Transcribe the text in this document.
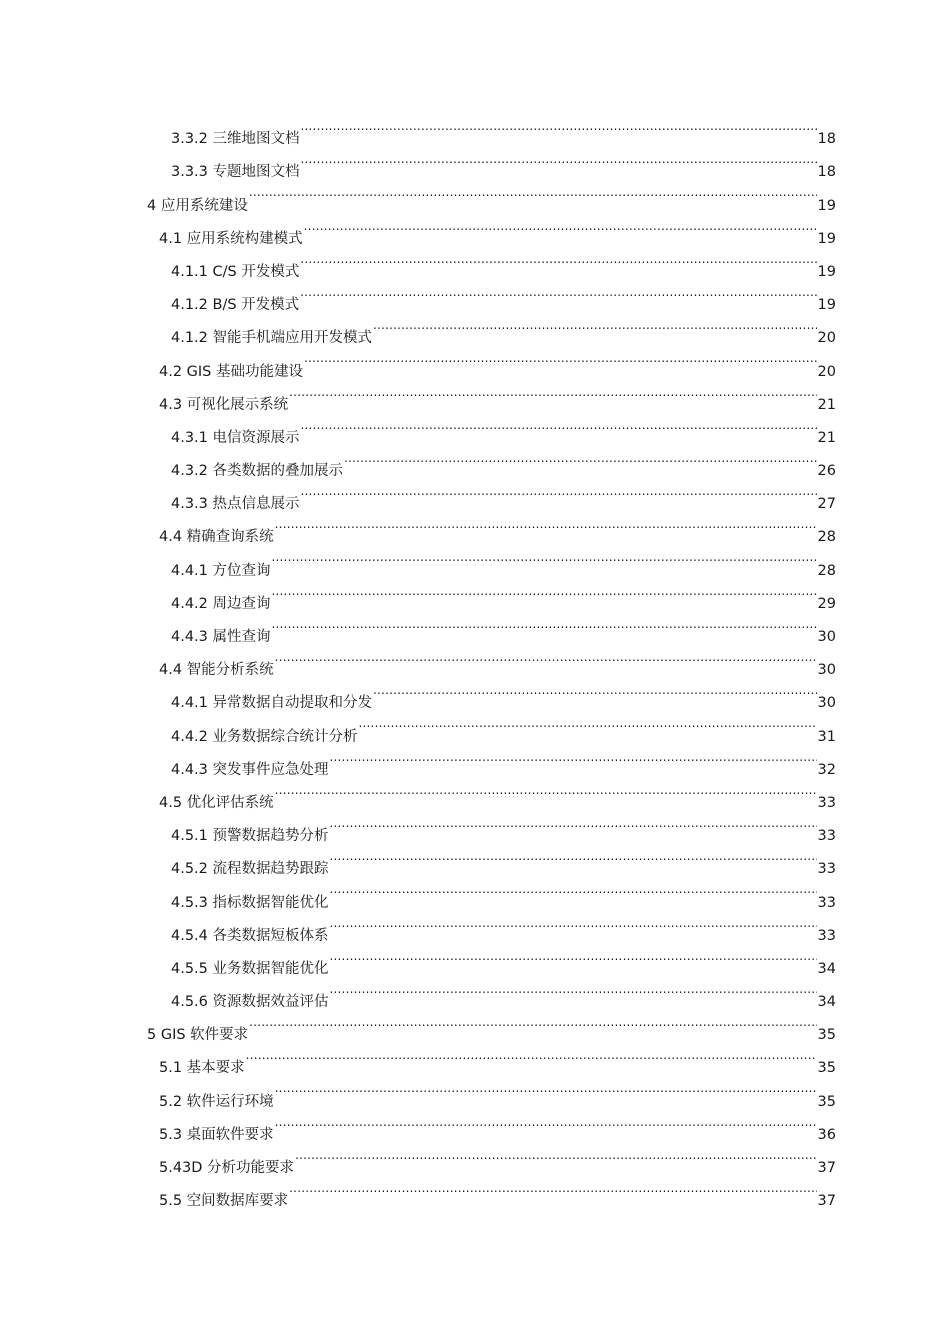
3.3.2 三维地图文档 .....	18
3.3.3 专题地图文档 .....	18
4 应用系统建设 .....	19
4.1 应用系统构建模式 .....	19
4.1.1 C/S 开发模式 .....	19
4.1.2 B/S 开发模式 .....	19
4.1.2 智能手机端应用开发模式 .....	20
4.2 GIS 基础功能建设 .....	20
4.3 可视化展示系统 .....	21
4.3.1 电信资源展示 .....	21
4.3.2 各类数据的叠加展示 .....	26
4.3.3 热点信息展示 .....	27
4.4 精确查询系统 .....	28
4.4.1 方位查询 .....	28
4.4.2 周边查询 .....	29
4.4.3 属性查询 .....	30
4.4 智能分析系统 .....	30
4.4.1 异常数据自动提取和分发 .....	30
4.4.2 业务数据综合统计分析 .....	31
4.4.3 突发事件应急处理 .....	32
4.5 优化评估系统 .....	33
4.5.1 预警数据趋势分析 .....	33
4.5.2 流程数据趋势跟踪 .....	33
4.5.3 指标数据智能优化 .....	33
4.5.4 各类数据短板体系 .....	33
4.5.5 业务数据智能优化 .....	34
4.5.6 资源数据效益评估 .....	34
5 GIS 软件要求 .....	35
5.1 基本要求 .....	35
5.2 软件运行环境 .....	35
5.3 桌面软件要求 .....	36
5.43D 分析功能要求 .....	37
5.5 空间数据库要求 .....	37
